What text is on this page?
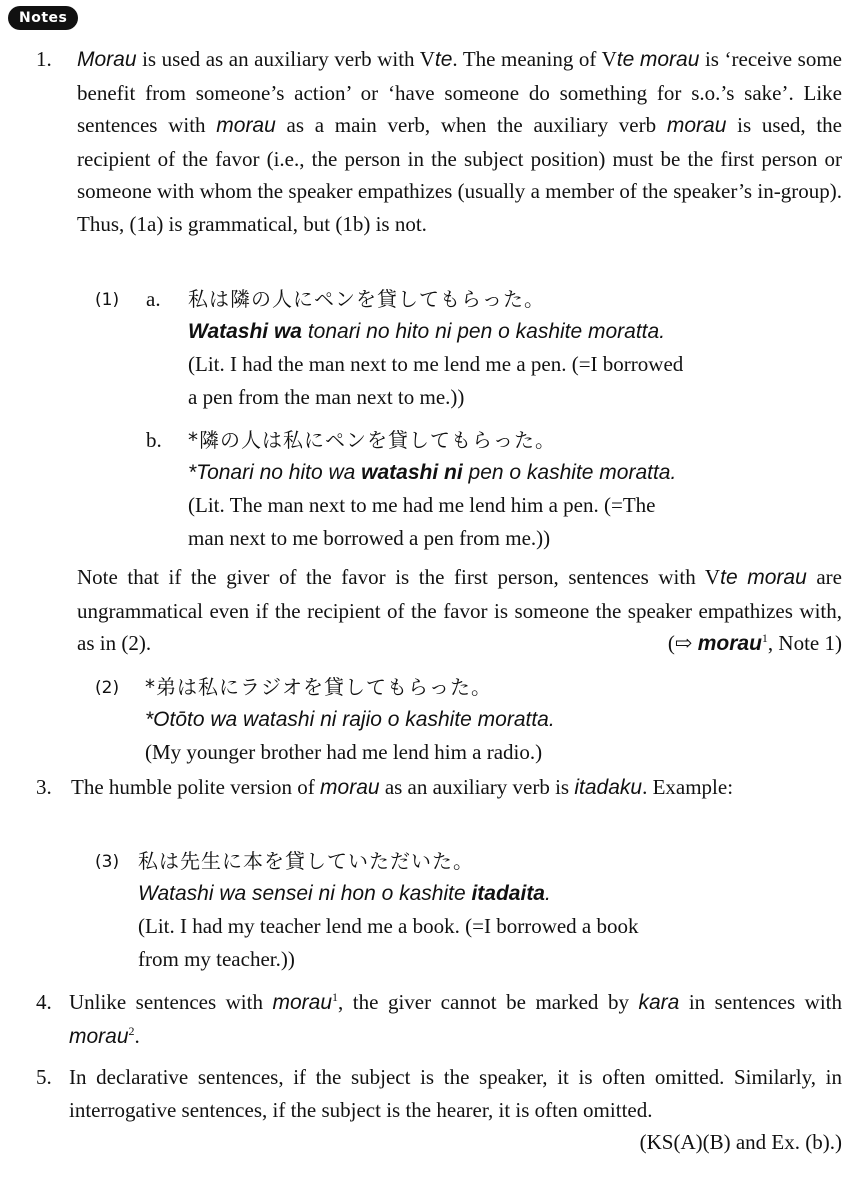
Notes
1.	Morau is used as an auxiliary verb with Vte. The meaning of Vte morau is ‘receive some benefit from someone’s action’ or ‘have someone do something for s.o.’s sake’. Like sentences with morau as a main verb, when the auxiliary verb morau is used, the recipient of the favor (i.e., the person in the subject position) must be the first person or someone with whom the speaker empathizes (usually a member of the speaker’s in-group). Thus, (1a) is grammatical, but (1b) is not.
(1) a. 私は隣の人にペンを貸してもらった。
Watashi wa tonari no hito ni pen o kashite moratta.
(Lit. I had the man next to me lend me a pen. (=I borrowed
a pen from the man next to me.))
b. *隣の人は私にペンを貸してもらった。
*Tonari no hito wa watashi ni pen o kashite moratta.
(Lit. The man next to me had me lend him a pen. (=The
man next to me borrowed a pen from me.))
Note that if the giver of the favor is the first person, sentences with Vte morau are ungrammatical even if the recipient of the favor is someone the speaker empathizes with, as in (2).	(⇨ morau$^1$, Note 1)
(2) *弟は私にラジオを貸してもらった。
*Otōto wa watashi ni rajio o kashite moratta.
(My younger brother had me lend him a radio.)
3. The humble polite version of morau as an auxiliary verb is itadaku. Example:
(3) 私は先生に本を貸していただいた。
Watashi wa sensei ni hon o kashite itadaita.
(Lit. I had my teacher lend me a book. (=I borrowed a book
from my teacher.))
4. Unlike sentences with morau$^1$, the giver cannot be marked by kara in sentences with morau$^2$.
5. In declarative sentences, if the subject is the speaker, it is often omitted. Similarly, in interrogative sentences, if the subject is the hearer, it is often omitted.
(KS(A)(B) and Ex. (b).)
